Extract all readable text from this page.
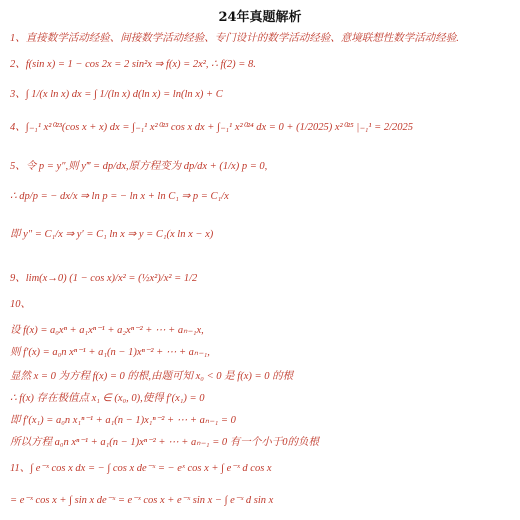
24年真题解析
1、直接数学活动经验、间接数学活动经验、专门设计的数学活动经验、意境联想性数学活动经验.
2、f(sin x) = 1 − cos 2x = 2 sin²x ⇒ f(x) = 2x², ∴ f(2) = 8.
3、∫ 1/(x ln x) dx = ∫ 1/(ln x) d(ln x) = ln(ln x) + C
4、∫₋₁¹ x²⁰²³(cos x + x) dx = ∫₋₁¹ x²⁰²³ cos x dx + ∫₋₁¹ x²⁰²⁴ dx = 0 + (1/2025) x²⁰²⁵ |₋₁¹ = 2/2025
5、令 p = y″,则 y‴ = dp/dx,原方程变为 dp/dx + (1/x) p = 0,
∴ dp/p = − dx/x ⇒ ln p = − ln x + ln C₁ ⇒ p = C₁/x
即 y″ = C₁/x ⇒ y′ = C₁ ln x ⇒ y = C₁(x ln x − x)
9、lim(x→0) (1 − cos x)/x² = (½x²)/x² = 1/2
10、
设 f(x) = a₀xⁿ + a₁xⁿ⁻¹ + a₂xⁿ⁻² + ⋯ + aₙ₋₁x,
则 f′(x) = a₀n xⁿ⁻¹ + a₁(n − 1)xⁿ⁻² + ⋯ + aₙ₋₁,
显然 x = 0 为方程 f(x) = 0 的根,由题可知 x₀ < 0 是 f(x) = 0 的根
∴ f(x) 存在极值点 x₁ ∈ (x₀, 0),使得 f′(x₁) = 0
即 f′(x₁) = a₀n x₁ⁿ⁻¹ + a₁(n − 1)x₁ⁿ⁻² + ⋯ + aₙ₋₁ = 0
所以方程 a₀n xⁿ⁻¹ + a₁(n − 1)xⁿ⁻² + ⋯ + aₙ₋₁ = 0 有一个小于0的负根
11、∫ e⁻ˣ cos x dx = − ∫ cos x de⁻ˣ = − eˣ cos x + ∫ e⁻ˣ d cos x
= e⁻ˣ cos x + ∫ sin x de⁻ˣ = e⁻ˣ cos x + e⁻ˣ sin x − ∫ e⁻ˣ d sin x
